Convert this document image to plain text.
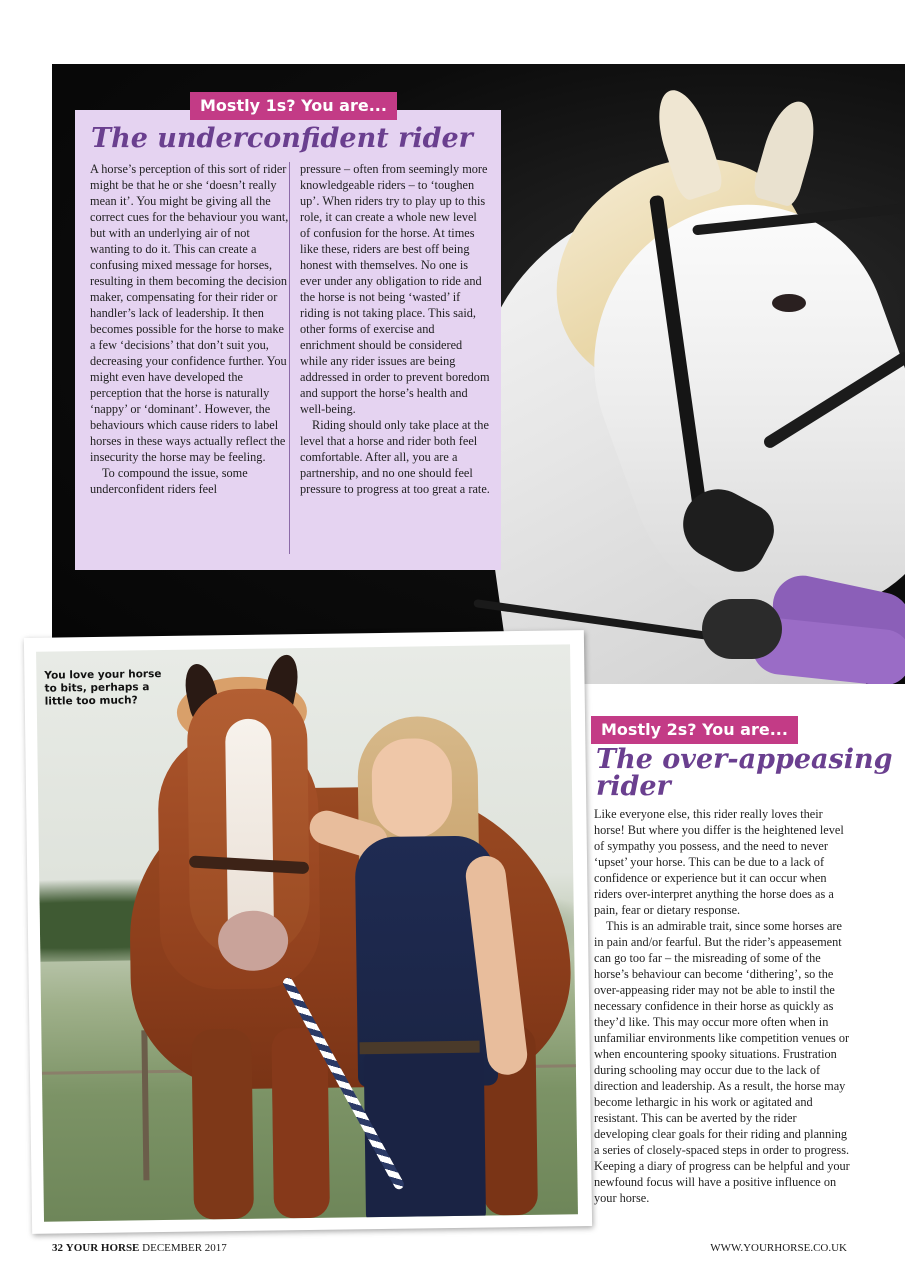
The underconfident rider

A horse’s perception of this sort of rider might be that he or she ‘doesn’t really mean it’. You might be giving all the correct cues for the behaviour you want, but with an underlying air of not wanting to do it. This can create a confusing mixed message for horses, resulting in them becoming the decision maker, compensating for their rider or handler’s lack of leadership. It then becomes possible for the horse to make a few ‘decisions’ that don’t suit you, decreasing your confidence further. You might even have developed the perception that the horse is naturally ‘nappy’ or ‘dominant’. However, the behaviours which cause riders to label horses in these ways actually reflect the insecurity the horse may be feeling.

To compound the issue, some underconfident riders feel

pressure – often from seemingly more knowledgeable riders – to ‘toughen up’. When riders try to play up to this role, it can create a whole new level of confusion for the horse. At times like these, riders are best off being honest with themselves. No one is ever under any obligation to ride and the horse is not being ‘wasted’ if riding is not taking place. This said, other forms of exercise and enrichment should be considered while any rider issues are being addressed in order to prevent boredom and support the horse’s health and well-being.

Riding should only take place at the level that a horse and rider both feel comfortable. After all, you are a partnership, and no one should feel pressure to progress at too great a rate.

Mostly 1s? You are...

You love your horse to bits, perhaps a little too much?

Mostly 2s? You are...
The over-appeasing rider

Like everyone else, this rider really loves their horse! But where you differ is the heightened level of sympathy you possess, and the need to never ‘upset’ your horse. This can be due to a lack of confidence or experience but it can occur when riders over-interpret anything the horse does as a pain, fear or dietary response.

This is an admirable trait, since some horses are in pain and/or fearful. But the rider’s appeasement can go too far – the misreading of some of the horse’s behaviour can become ‘dithering’, so the over-appeasing rider may not be able to instil the necessary confidence in their horse as quickly as they’d like. This may occur more often when in unfamiliar environments like competition venues or when encountering spooky situations. Frustration during schooling may occur due to the lack of direction and leadership. As a result, the horse may become lethargic in his work or agitated and resistant. This can be averted by the rider developing clear goals for their riding and planning a series of closely-spaced steps in order to progress. Keeping a diary of progress can be helpful and your newfound focus will have a positive influence on your horse.

32 YOUR HORSE DECEMBER 2017	WWW.YOURHORSE.CO.UK
